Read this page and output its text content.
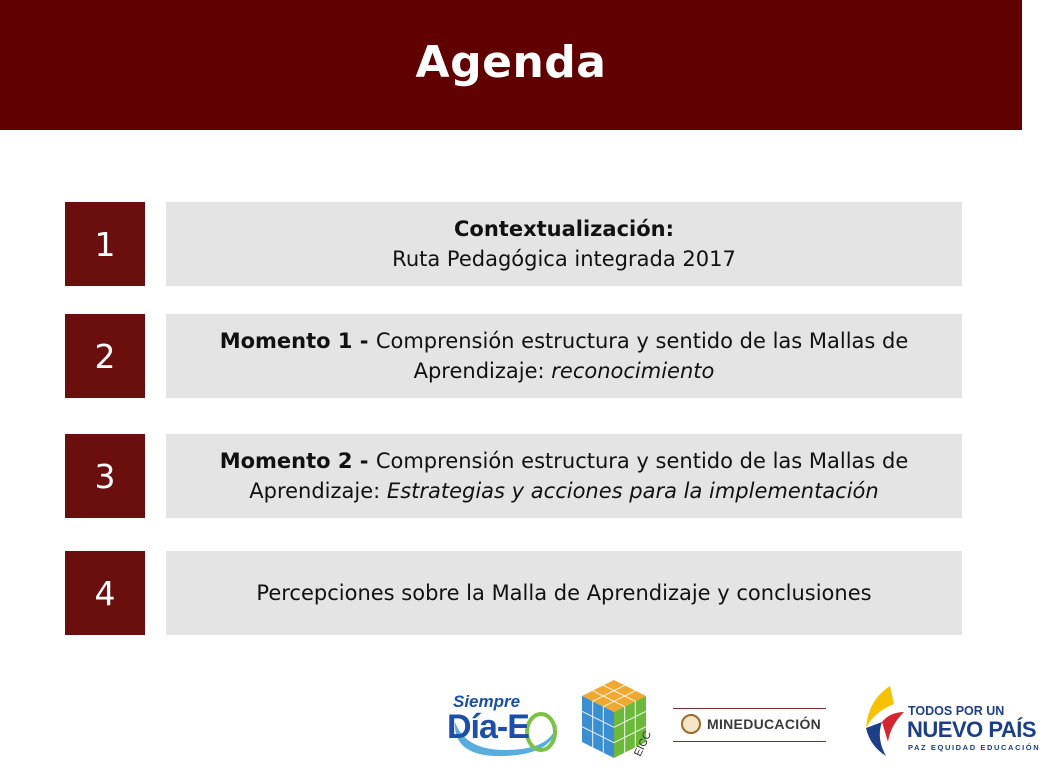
Agenda
1	Contextualización:
Ruta Pedagógica integrada 2017
2	Momento 1 - Comprensión estructura y sentido de las Mallas de
Aprendizaje: reconocimiento
3	Momento 2 - Comprensión estructura y sentido de las Mallas de
Aprendizaje: Estrategias y acciones para la implementación
4	Percepciones sobre la Malla de Aprendizaje y conclusiones
Siempre
Día-E	EICC
MINEDUCACIÓN
TODOS POR UN
NUEVO PAÍS
PAZ EQUIDAD EDUCACIÓN
